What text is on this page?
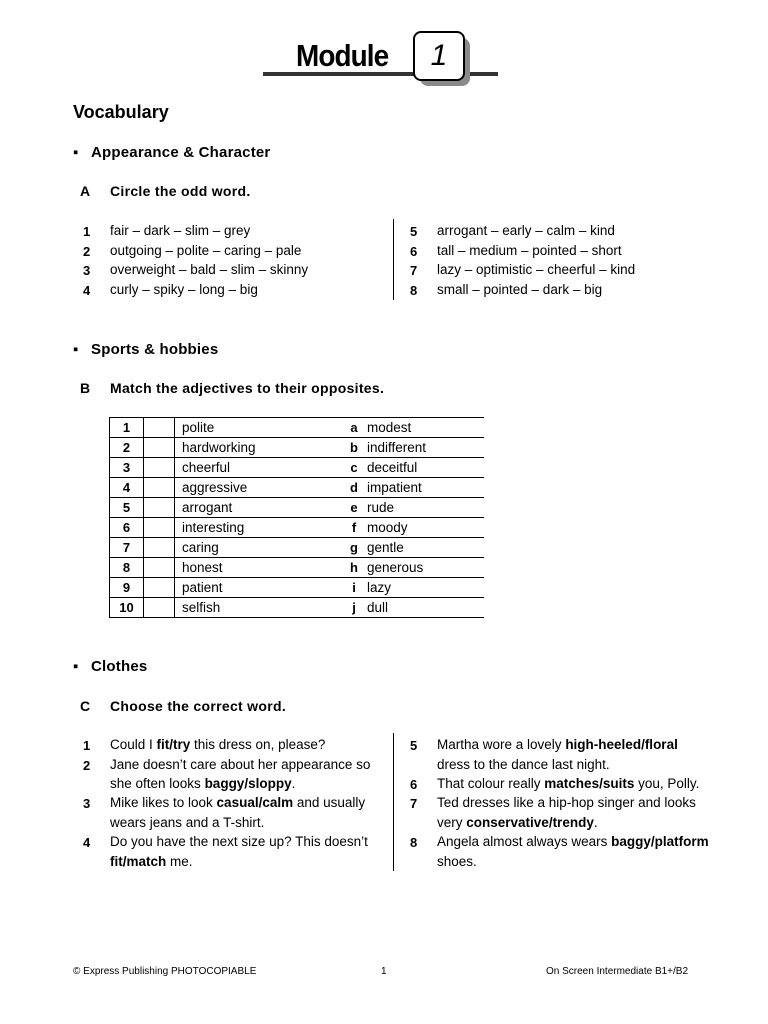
Module	1
Vocabulary
▪ Appearance & Character
A Circle the odd word.
1 fair – dark – slim – grey
2 outgoing – polite – caring – pale
3 overweight – bald – slim – skinny
4 curly – spiky – long – big
5 arrogant – early – calm – kind
6 tall – medium – pointed – short
7 lazy – optimistic – cheerful – kind
8 small – pointed – dark – big
▪ Sports & hobbies
B Match the adjectives to their opposites.
1		polite	a	modest
2		hardworking	b	indifferent
3		cheerful	c	deceitful
4		aggressive	d	impatient
5		arrogant	e	rude
6		interesting	f	moody
7		caring	g	gentle
8		honest	h	generous
9		patient	i	lazy
10		selfish	j	dull
▪ Clothes
C Choose the correct word.
1 Could I fit/try this dress on, please?
2 Jane doesn’t care about her appearance so
she often looks baggy/sloppy.
3 Mike likes to look casual/calm and usually
wears jeans and a T-shirt.
4 Do you have the next size up? This doesn’t
fit/match me.
5 Martha wore a lovely high-heeled/floral
dress to the dance last night.
6 That colour really matches/suits you, Polly.
7 Ted dresses like a hip-hop singer and looks
very conservative/trendy.
8 Angela almost always wears baggy/platform
shoes.
© Express Publishing PHOTOCOPIABLE	1	On Screen Intermediate B1+/B2
